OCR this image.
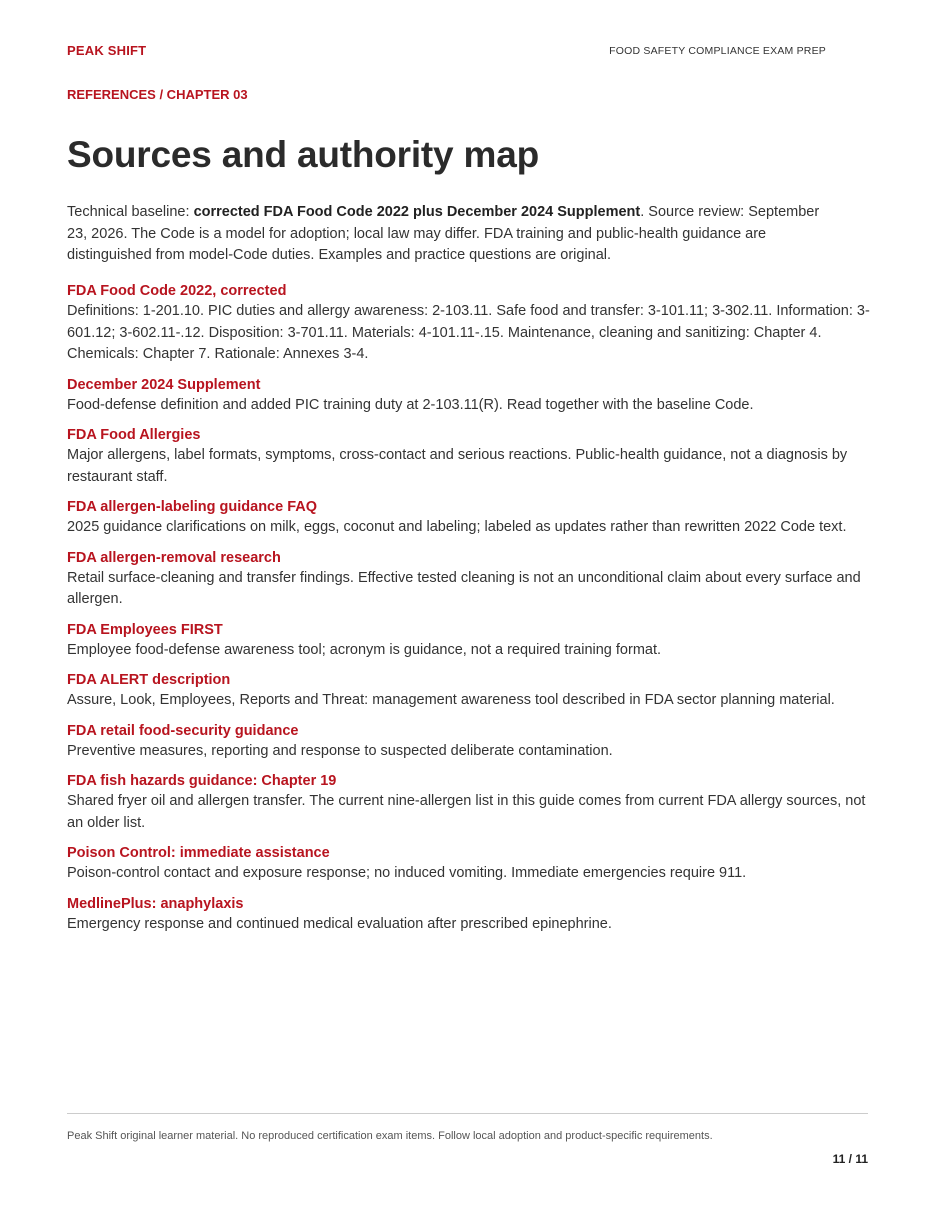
PEAK SHIFT	FOOD SAFETY COMPLIANCE EXAM PREP
REFERENCES / CHAPTER 03
Sources and authority map

Technical baseline: corrected FDA Food Code 2022 plus December 2024 Supplement. Source review: September 23, 2026. The Code is a model for adoption; local law may differ. FDA training and public-health guidance are distinguished from model-Code duties. Examples and practice questions are original.

FDA Food Code 2022, corrected
Definitions: 1-201.10. PIC duties and allergy awareness: 2-103.11. Safe food and transfer: 3-101.11; 3-302.11. Information: 3-601.12; 3-602.11-.12. Disposition: 3-701.11. Materials: 4-101.11-.15. Maintenance, cleaning and sanitizing: Chapter 4. Chemicals: Chapter 7. Rationale: Annexes 3-4.
December 2024 Supplement
Food-defense definition and added PIC training duty at 2-103.11(R). Read together with the baseline Code.
FDA Food Allergies
Major allergens, label formats, symptoms, cross-contact and serious reactions. Public-health guidance, not a diagnosis by restaurant staff.
FDA allergen-labeling guidance FAQ
2025 guidance clarifications on milk, eggs, coconut and labeling; labeled as updates rather than rewritten 2022 Code text.
FDA allergen-removal research
Retail surface-cleaning and transfer findings. Effective tested cleaning is not an unconditional claim about every surface and allergen.
FDA Employees FIRST
Employee food-defense awareness tool; acronym is guidance, not a required training format.
FDA ALERT description
Assure, Look, Employees, Reports and Threat: management awareness tool described in FDA sector planning material.
FDA retail food-security guidance
Preventive measures, reporting and response to suspected deliberate contamination.
FDA fish hazards guidance: Chapter 19
Shared fryer oil and allergen transfer. The current nine-allergen list in this guide comes from current FDA allergy sources, not an older list.
Poison Control: immediate assistance
Poison-control contact and exposure response; no induced vomiting. Immediate emergencies require 911.
MedlinePlus: anaphylaxis
Emergency response and continued medical evaluation after prescribed epinephrine.
Peak Shift original learner material. No reproduced certification exam items. Follow local adoption and product-specific requirements.
11 / 11
